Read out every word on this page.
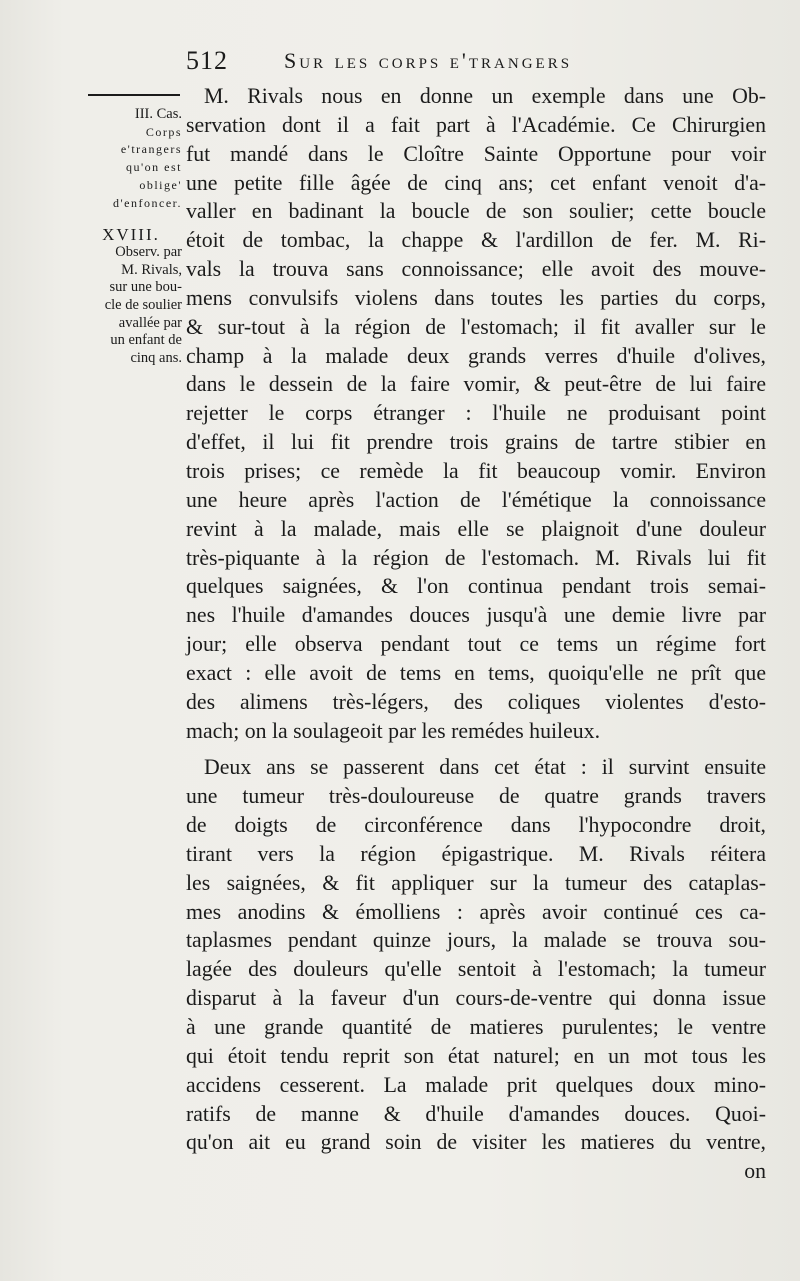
512	Sur les corps e'trangers
III. Cas.
Corps
e'trangers
qu'on est
oblige'
d'enfoncer.
XVIII.
Observ. par
M. Rivals,
sur une bou-
cle de soulier
avallée par
un enfant de
cinq ans.
M. Rivals nous en donne un exemple dans une Ob-
servation dont il a fait part à l'Académie. Ce Chirurgien
fut mandé dans le Cloître Sainte Opportune pour voir
une petite fille âgée de cinq ans; cet enfant venoit d'a-
valler en badinant la boucle de son soulier; cette boucle
étoit de tombac, la chappe & l'ardillon de fer. M. Ri-
vals la trouva sans connoissance; elle avoit des mouve-
mens convulsifs violens dans toutes les parties du corps,
& sur-tout à la région de l'estomach; il fit avaller sur le
champ à la malade deux grands verres d'huile d'olives,
dans le dessein de la faire vomir, & peut-être de lui faire
rejetter le corps étranger : l'huile ne produisant point
d'effet, il lui fit prendre trois grains de tartre stibier en
trois prises; ce remède la fit beaucoup vomir. Environ
une heure après l'action de l'émétique la connoissance
revint à la malade, mais elle se plaignoit d'une douleur
très-piquante à la région de l'estomach. M. Rivals lui fit
quelques saignées, & l'on continua pendant trois semai-
nes l'huile d'amandes douces jusqu'à une demie livre par
jour; elle observa pendant tout ce tems un régime fort
exact : elle avoit de tems en tems, quoiqu'elle ne prît que
des alimens très-légers, des coliques violentes d'esto-
mach; on la soulageoit par les remédes huileux.
Deux ans se passerent dans cet état : il survint ensuite
une tumeur très-douloureuse de quatre grands travers
de doigts de circonférence dans l'hypocondre droit,
tirant vers la région épigastrique. M. Rivals réitera
les saignées, & fit appliquer sur la tumeur des cataplas-
mes anodins & émolliens : après avoir continué ces ca-
taplasmes pendant quinze jours, la malade se trouva sou-
lagée des douleurs qu'elle sentoit à l'estomach; la tumeur
disparut à la faveur d'un cours-de-ventre qui donna issue
à une grande quantité de matieres purulentes; le ventre
qui étoit tendu reprit son état naturel; en un mot tous les
accidens cesserent. La malade prit quelques doux mino-
ratifs de manne & d'huile d'amandes douces. Quoi-
qu'on ait eu grand soin de visiter les matieres du ventre,
on
